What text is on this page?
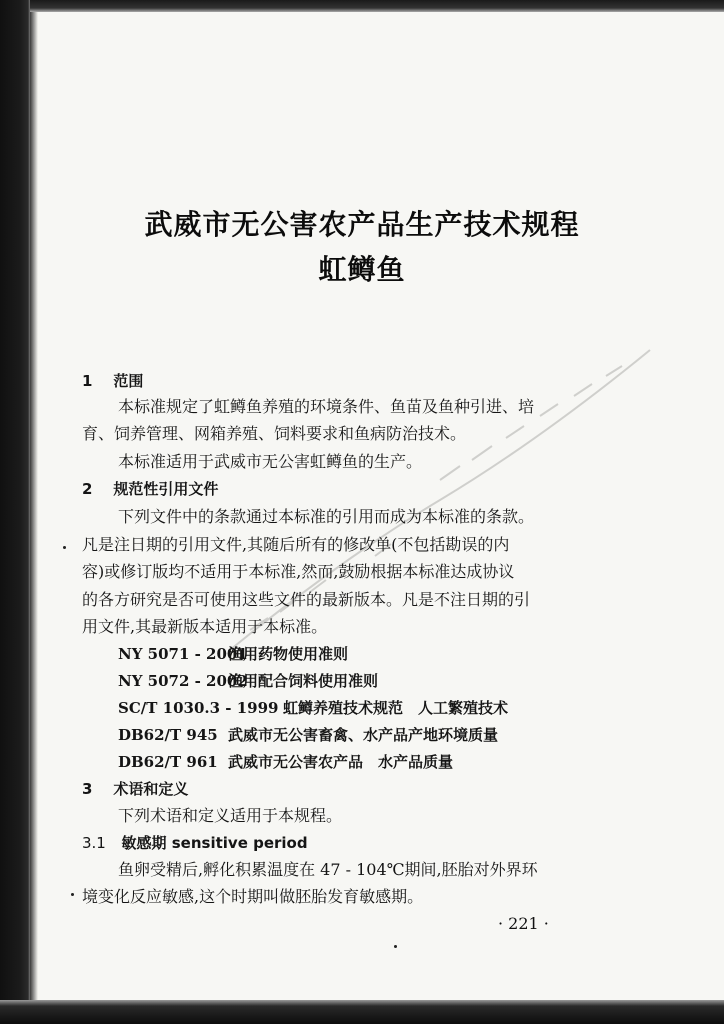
武威市无公害农产品生产技术规程
虹鳟鱼
1 范围
本标准规定了虹鳟鱼养殖的环境条件、鱼苗及鱼种引进、培
育、饲养管理、网箱养殖、饲料要求和鱼病防治技术。
本标准适用于武威市无公害虹鳟鱼的生产。
2 规范性引用文件
下列文件中的条款通过本标准的引用而成为本标准的条款。
凡是注日期的引用文件,其随后所有的修改单(不包括勘误的内
容)或修订版均不适用于本标准,然而,鼓励根据本标准达成协议
的各方研究是否可使用这些文件的最新版本。凡是不注日期的引
用文件,其最新版本适用于本标准。
NY 5071 - 2001渔用药物使用准则
NY 5072 - 2002渔用配合饲料使用准则
SC/T 1030.3 - 1999 虹鳟养殖技术规范　人工繁殖技术
DB62/T 945 武威市无公害畜禽、水产品产地环境质量
DB62/T 961 武威市无公害农产品　水产品质量
3 术语和定义
下列术语和定义适用于本规程。
3.1 敏感期 sensitive period
鱼卵受精后,孵化积累温度在 47 - 104℃期间,胚胎对外界环
境变化反应敏感,这个时期叫做胚胎发育敏感期。
· 221 ·
